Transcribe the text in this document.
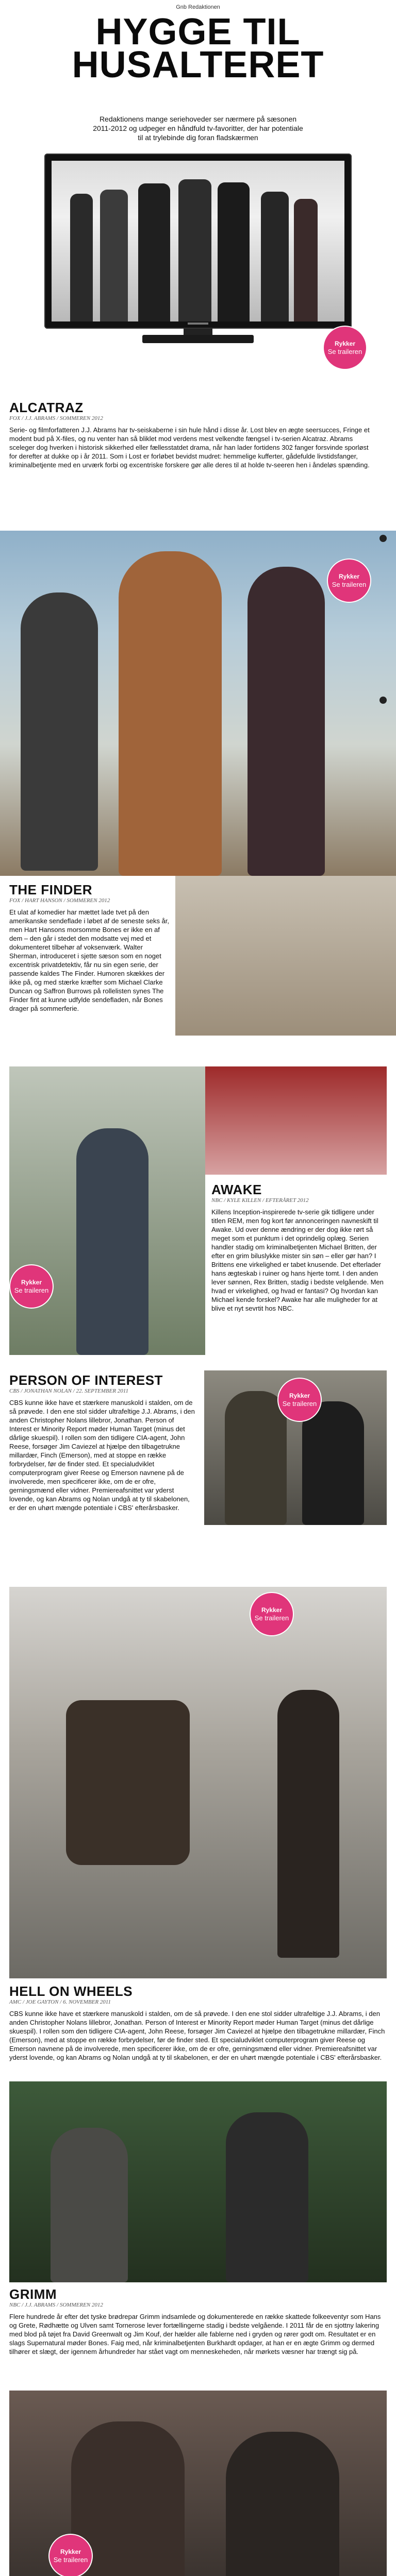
Gnb Redaktionen
HYGGE TIL
HUSALTERET
Redaktionens mange seriehoveder ser nærmere på sæsonen 2011-2012 og udpeger en håndfuld tv-favoritter, der har potentiale til at trylebinde dig foran fladskærmen
Rykker
Se traileren
ALCATRAZ
FOX / J.J. ABRAMS / SOMMEREN 2012
Serie- og filmforfatteren J.J. Abrams har tv-seiskaberne i sin hule hånd i disse år. Lost blev en ægte seersucces, Fringe et modent bud på X-files, og nu venter han så bliklet mod verdens mest velkendte fængsel i tv-serien Alcatraz. Abrams sceleger dog hverken i historisk sikkerhed eller fællesstatdet drama, når han lader fortidens 302 fanger forsvinde sporløst for derefter at dukke op i år 2011. Som i Lost er forløbet bevidst mudret: hemmelige kufferter, gådefulde livstidsfanger, kriminalbetjente med en urværk forbi og excentriske forskere gør alle deres til at holde tv-seeren hen i åndeløs spænding.
Rykker
Se traileren
THE FINDER
FOX / HART HANSON / SOMMEREN 2012
Et ulat af komedier har mættet lade tvet på den amerikanske sendeflade i løbet af de seneste seks år, men Hart Hansons morsomme Bones er ikke en af dem – den går i stedet den modsatte vej med et dokumenteret tilbehør af voksenværk. Walter Sherman, introduceret i sjette sæson som en noget excentrisk privatdetektiv, får nu sin egen serie, der passende kaldes The Finder. Humoren skækkes der ikke på, og med stærke kræfter som Michael Clarke Duncan og Saffron Burrows på rollelisten synes The Finder fint at kunne udfylde sendefladen, når Bones drager på sommerferie.
Rykker
Se traileren
AWAKE
NBC / KYLE KILLEN / EFTERÅRET 2012
Killens Inception-inspirerede tv-serie gik tidligere under titlen REM, men fog kort før annonceringen navneskift til Awake. Ud over denne ændring er der dog ikke rørt så meget som et punktum i det oprindelig oplæg. Serien handler stadig om kriminalbetjenten Michael Britten, der efter en grim biluslykke mister sin søn – eller gør han? I Brittens ene virkelighed er tabet knusende. Det efterlader hans ægteskab i ruiner og hans hjerte tomt. I den anden lever sønnen, Rex Britten, stadig i bedste velgående. Men hvad er virkelighed, og hvad er fantasi? Og hvordan kan Michael kende forskel? Awake har alle muligheder for at blive et nyt sevrtit hos NBC.
PERSON OF INTEREST
CBS / JONATHAN NOLAN / 22. SEPTEMBER 2011
CBS kunne ikke have et stærkere manuskold i stalden, om de så prøvede. I den ene stol sidder ultrafeltige J.J. Abrams, i den anden Christopher Nolans lillebror, Jonathan. Person of Interest er Minority Report møder Human Target (minus det dårlige skuespil). I rollen som den tidligere CIA-agent, John Reese, forsøger Jim Caviezel at hjælpe den tilbagetrukne millardær, Finch (Emerson), med at stoppe en række forbrydelser, før de finder sted. Et specialudviklet computerprogram giver Reese og Emerson navnene på de involverede, men specificerer ikke, om de er ofre, gerningsmænd eller vidner. Premiereafsnittet var yderst lovende, og kan Abrams og Nolan undgå at ty til skabelonen, er der en uhørt mængde potentiale i CBS' efterårsbasker.
Rykker
Se traileren
Rykker
Se traileren
HELL ON WHEELS
AMC / JOE GAYTON / 6. NOVEMBER 2011
CBS kunne ikke have et stærkere manuskold i stalden, om de så prøvede. I den ene stol sidder ultrafeltige J.J. Abrams, i den anden Christopher Nolans lillebror, Jonathan. Person of Interest er Minority Report møder Human Target (minus det dårlige skuespil). I rollen som den tidligere CIA-agent, John Reese, forsøger Jim Caviezel at hjælpe den tilbagetrukne millardær, Finch (Emerson), med at stoppe en række forbrydelser, før de finder sted. Et specialudviklet computerprogram giver Reese og Emerson navnene på de involverede, men specificerer ikke, om de er ofre, gerningsmænd eller vidner. Premiereafsnittet var yderst lovende, og kan Abrams og Nolan undgå at ty til skabelonen, er der en uhørt mængde potentiale i CBS' efterårsbasker.
GRIMM
NBC / J.J. ABRAMS / SOMMEREN 2012
Flere hundrede år efter det tyske brødrepar Grimm indsamlede og dokumenterede en række skattede folkeeventyr som Hans og Grete, Rødhætte og Ulven samt Tornerose lever fortællingerne stadig i bedste velgående. I 2011 får de en sjottny lakering med blod på tøjet fra David Greenwalt og Jim Kouf, der hælder alle fablerne ned i gryden og rører godt om. Resultatet er en slags Supernatural møder Bones. Faig med, når kriminalbetjenten Burkhardt opdager, at han er en ægte Grimm og dermed tilhører et slægt, der igennem århundreder har stået vagt om menneskeheden, når mørkets væsner har trængt sig på.
Rykker
Se traileren
